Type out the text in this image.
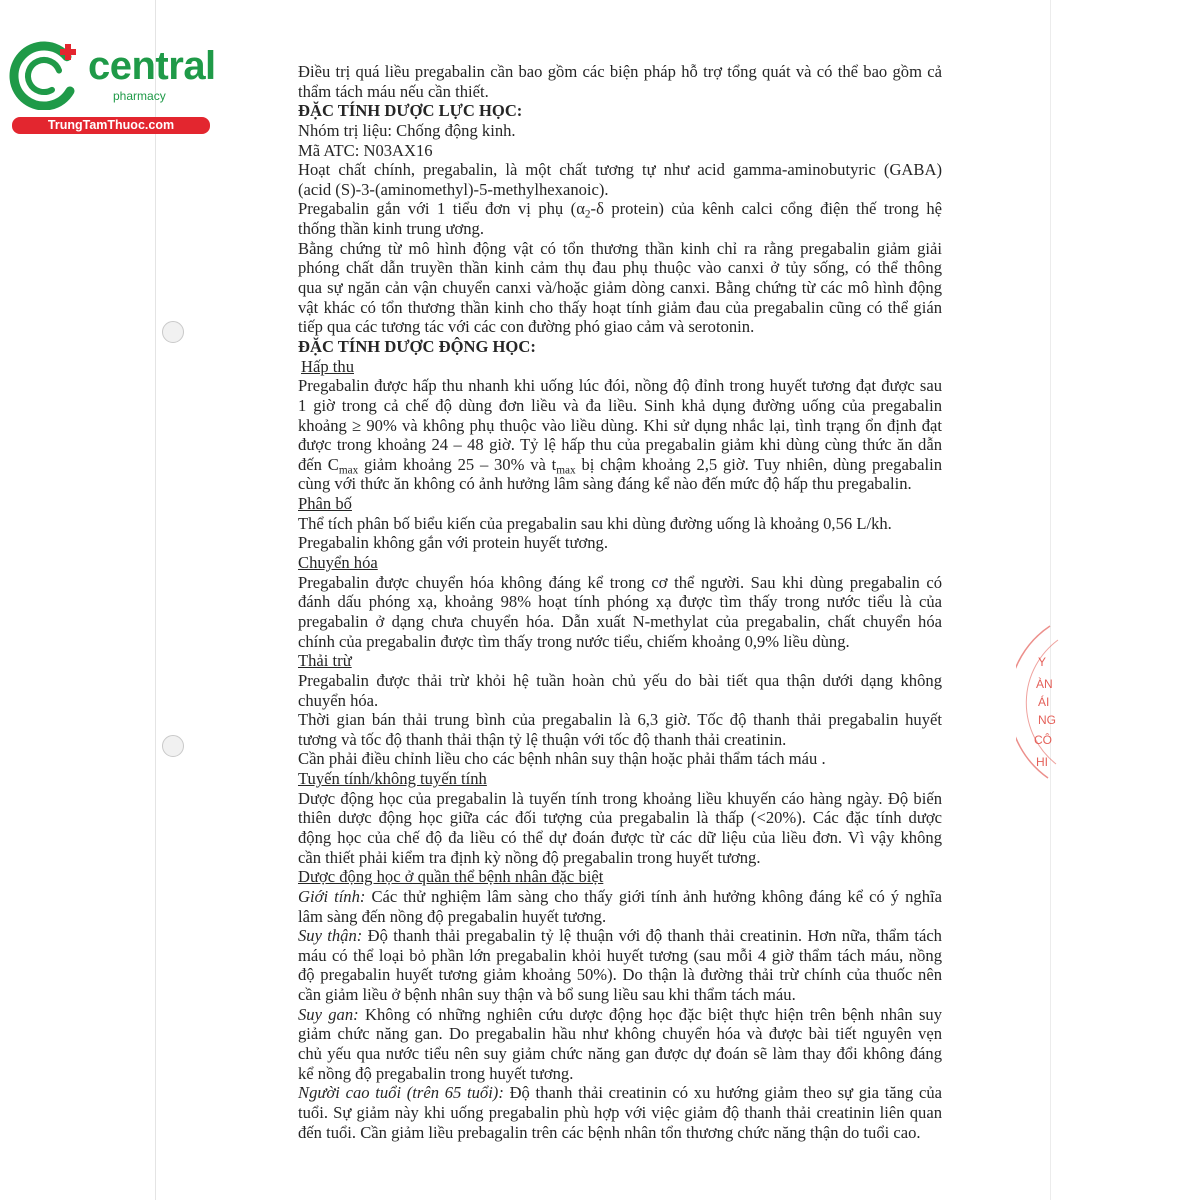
central
pharmacy
TrungTamThuoc.com
Y
ÀN
ÁI
NG
CÔ
HI
Điều trị quá liều pregabalin cần bao gồm các biện pháp hỗ trợ tổng quát và có thể bao gồm cả
thẩm tách máu nếu cần thiết.
ĐẶC TÍNH DƯỢC LỰC HỌC:
Nhóm trị liệu: Chống động kinh.
Mã ATC: N03AX16
Hoạt chất chính, pregabalin, là một chất tương tự như acid gamma-aminobutyric (GABA)
(acid (S)-3-(aminomethyl)-5-methylhexanoic).
Pregabalin gắn với 1 tiểu đơn vị phụ ($\alpha_2-\delta$ protein) của kênh calci cổng điện thế trong hệ
thống thần kinh trung ương.
Bằng chứng từ mô hình động vật có tổn thương thần kinh chỉ ra rằng pregabalin giảm giải
phóng chất dẫn truyền thần kinh cảm thụ đau phụ thuộc vào canxi ở tủy sống, có thể thông
qua sự ngăn cản vận chuyển canxi và/hoặc giảm dòng canxi. Bằng chứng từ các mô hình động
vật khác có tổn thương thần kinh cho thấy hoạt tính giảm đau của pregabalin cũng có thể gián
tiếp qua các tương tác với các con đường phó giao cảm và serotonin.
ĐẶC TÍNH DƯỢC ĐỘNG HỌC:
Hấp thu
Pregabalin được hấp thu nhanh khi uống lúc đói, nồng độ đỉnh trong huyết tương đạt được sau
1 giờ trong cả chế độ dùng đơn liều và đa liều. Sinh khả dụng đường uống của pregabalin
khoảng ≥ 90% và không phụ thuộc vào liều dùng. Khi sử dụng nhắc lại, tình trạng ổn định đạt
được trong khoảng 24 – 48 giờ. Tỷ lệ hấp thu của pregabalin giảm khi dùng cùng thức ăn dẫn
đến $C_{max}$ giảm khoảng 25 – 30% và $t_{max}$ bị chậm khoảng 2,5 giờ. Tuy nhiên, dùng pregabalin
cùng với thức ăn không có ảnh hưởng lâm sàng đáng kể nào đến mức độ hấp thu pregabalin.
Phân bố
Thể tích phân bố biểu kiến của pregabalin sau khi dùng đường uống là khoảng 0,56 L/kh.
Pregabalin không gắn với protein huyết tương.
Chuyển hóa
Pregabalin được chuyển hóa không đáng kể trong cơ thể người. Sau khi dùng pregabalin có
đánh dấu phóng xạ, khoảng 98% hoạt tính phóng xạ được tìm thấy trong nước tiểu là của
pregabalin ở dạng chưa chuyển hóa. Dẫn xuất N-methylat của pregabalin, chất chuyển hóa
chính của pregabalin được tìm thấy trong nước tiểu, chiếm khoảng 0,9% liều dùng.
Thải trừ
Pregabalin được thải trừ khỏi hệ tuần hoàn chủ yếu do bài tiết qua thận dưới dạng không
chuyển hóa.
Thời gian bán thải trung bình của pregabalin là 6,3 giờ. Tốc độ thanh thải pregabalin huyết
tương và tốc độ thanh thải thận tỷ lệ thuận với tốc độ thanh thải creatinin.
Cần phải điều chỉnh liều cho các bệnh nhân suy thận hoặc phải thẩm tách máu .
Tuyến tính/không tuyến tính
Dược động học của pregabalin là tuyến tính trong khoảng liều khuyến cáo hàng ngày. Độ biến
thiên dược động học giữa các đối tượng của pregabalin là thấp (<20%). Các đặc tính dược
động học của chế độ đa liều có thể dự đoán được từ các dữ liệu của liều đơn. Vì vậy không
cần thiết phải kiểm tra định kỳ nồng độ pregabalin trong huyết tương.
Dược động học ở quần thể bệnh nhân đặc biệt
Giới tính: Các thử nghiệm lâm sàng cho thấy giới tính ảnh hưởng không đáng kể có ý nghĩa
lâm sàng đến nồng độ pregabalin huyết tương.
Suy thận: Độ thanh thải pregabalin tỷ lệ thuận với độ thanh thải creatinin. Hơn nữa, thẩm tách
máu có thể loại bỏ phần lớn pregabalin khỏi huyết tương (sau mỗi 4 giờ thẩm tách máu, nồng
độ pregabalin huyết tương giảm khoảng 50%). Do thận là đường thải trừ chính của thuốc nên
cần giảm liều ở bệnh nhân suy thận và bổ sung liều sau khi thẩm tách máu.
Suy gan: Không có những nghiên cứu dược động học đặc biệt thực hiện trên bệnh nhân suy
giảm chức năng gan. Do pregabalin hầu như không chuyển hóa và được bài tiết nguyên vẹn
chủ yếu qua nước tiểu nên suy giảm chức năng gan được dự đoán sẽ làm thay đổi không đáng
kể nồng độ pregabalin trong huyết tương.
Người cao tuổi (trên 65 tuổi): Độ thanh thải creatinin có xu hướng giảm theo sự gia tăng của
tuổi. Sự giảm này khi uống pregabalin phù hợp với việc giảm độ thanh thải creatinin liên quan
đến tuổi. Cần giảm liều prebagalin trên các bệnh nhân tổn thương chức năng thận do tuổi cao.
